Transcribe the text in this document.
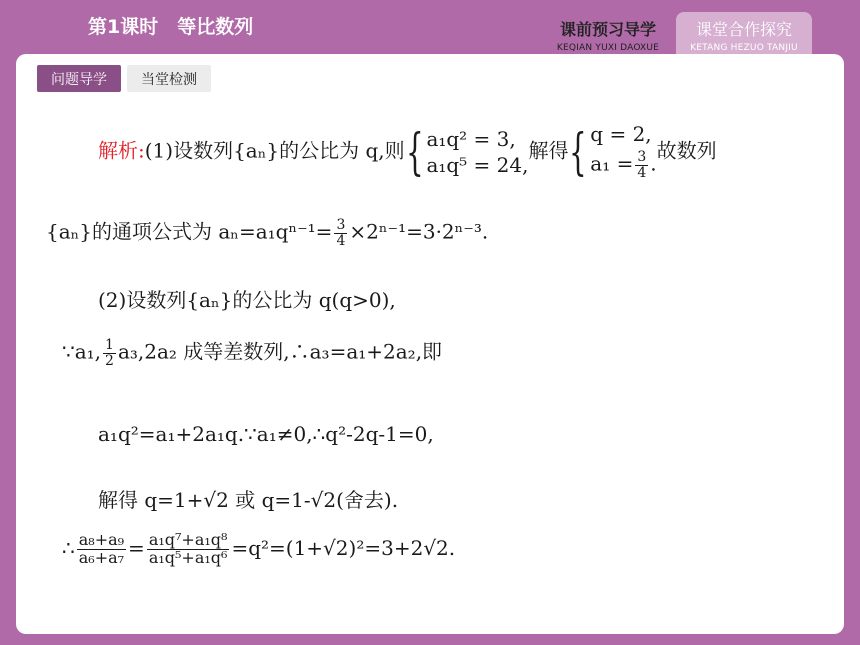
第1课时　等比数列	课前预习导学
KEQIAN YUXI DAOXUE
课堂合作探究
KETANG HEZUO TANJIU
问题导学	当堂检测
解析:(1)设数列{aₙ}的公比为 q,则 { a₁q² = 3,
a₁q⁵ = 24,
解得 { q = 2,
$a_1 = \frac{3}{4}$ .
故数列
{aₙ}的通项公式为 $a_n=a_1q^{n-1}= \frac{3}{4} \times 2^{n-1}=3\cdot 2^{n-3}$.
(2)设数列{aₙ}的公比为 q(q>0),
∵a₁, $\frac{1}{2} a_3,2a_2$ 成等差数列,∴a₃=a₁+2a₂,即
a₁q²=a₁+2a₁q.∵a₁≠0,∴q²-2q-1=0,
解得 q=1+√2 或 q=1-√2(舍去).
∴ $\frac{\text{a₈+a₉}}{\text{a₆+a₇}} = \frac{\text{a₁q⁷+a₁q⁸}}{\text{a₁q⁵+a₁q⁶}} =q^2=(1+√2)^2=3+2√2$.
